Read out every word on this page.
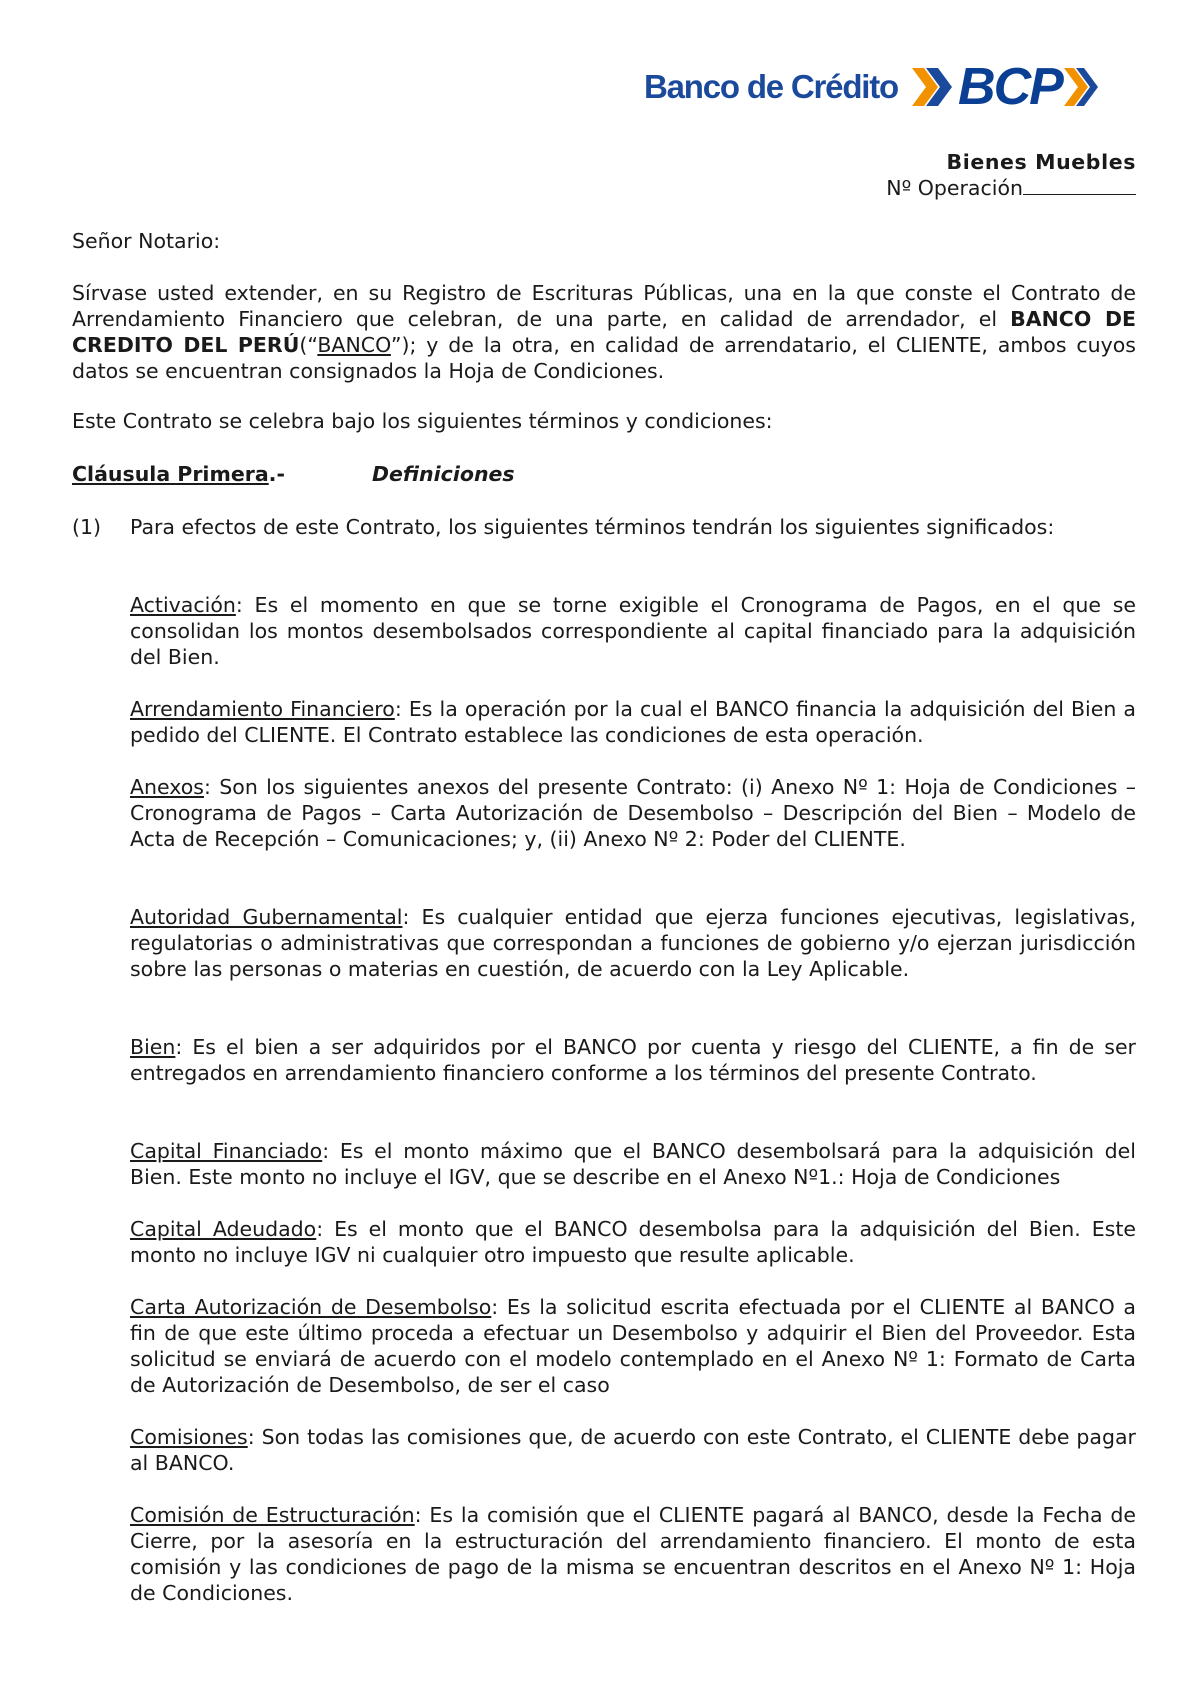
Banco de Crédito BCP
Bienes Muebles
Nº Operación
Señor Notario:
Sírvase usted extender, en su Registro de Escrituras Públicas, una en la que conste el Contrato de Arrendamiento Financiero que celebran, de una parte, en calidad de arrendador, el BANCO DE CREDITO DEL PERÚ(“BANCO”); y de la otra, en calidad de arrendatario, el CLIENTE, ambos cuyos datos se encuentran consignados la Hoja de Condiciones.
Este Contrato se celebra bajo los siguientes términos y condiciones:
Cláusula Primera.-	Definiciones
(1) Para efectos de este Contrato, los siguientes términos tendrán los siguientes significados:
Activación: Es el momento en que se torne exigible el Cronograma de Pagos, en el que se consolidan los montos desembolsados correspondiente al capital financiado para la adquisición del Bien.
Arrendamiento Financiero: Es la operación por la cual el BANCO financia la adquisición del Bien a pedido del CLIENTE. El Contrato establece las condiciones de esta operación.
Anexos: Son los siguientes anexos del presente Contrato: (i) Anexo Nº 1: Hoja de Condiciones – Cronograma de Pagos – Carta Autorización de Desembolso – Descripción del Bien – Modelo de Acta de Recepción – Comunicaciones; y, (ii) Anexo Nº 2: Poder del CLIENTE.
Autoridad Gubernamental: Es cualquier entidad que ejerza funciones ejecutivas, legislativas, regulatorias o administrativas que correspondan a funciones de gobierno y/o ejerzan jurisdicción sobre las personas o materias en cuestión, de acuerdo con la Ley Aplicable.
Bien: Es el bien a ser adquiridos por el BANCO por cuenta y riesgo del CLIENTE, a fin de ser entregados en arrendamiento financiero conforme a los términos del presente Contrato.
Capital Financiado: Es el monto máximo que el BANCO desembolsará para la adquisición del Bien. Este monto no incluye el IGV, que se describe en el Anexo Nº1.: Hoja de Condiciones
Capital Adeudado: Es el monto que el BANCO desembolsa para la adquisición del Bien. Este monto no incluye IGV ni cualquier otro impuesto que resulte aplicable.
Carta Autorización de Desembolso: Es la solicitud escrita efectuada por el CLIENTE al BANCO a fin de que este último proceda a efectuar un Desembolso y adquirir el Bien del Proveedor. Esta solicitud se enviará de acuerdo con el modelo contemplado en el Anexo Nº 1: Formato de Carta de Autorización de Desembolso, de ser el caso
Comisiones: Son todas las comisiones que, de acuerdo con este Contrato, el CLIENTE debe pagar al BANCO.
Comisión de Estructuración: Es la comisión que el CLIENTE pagará al BANCO, desde la Fecha de Cierre, por la asesoría en la estructuración del arrendamiento financiero. El monto de esta comisión y las condiciones de pago de la misma se encuentran descritos en el Anexo Nº 1: Hoja de Condiciones.
